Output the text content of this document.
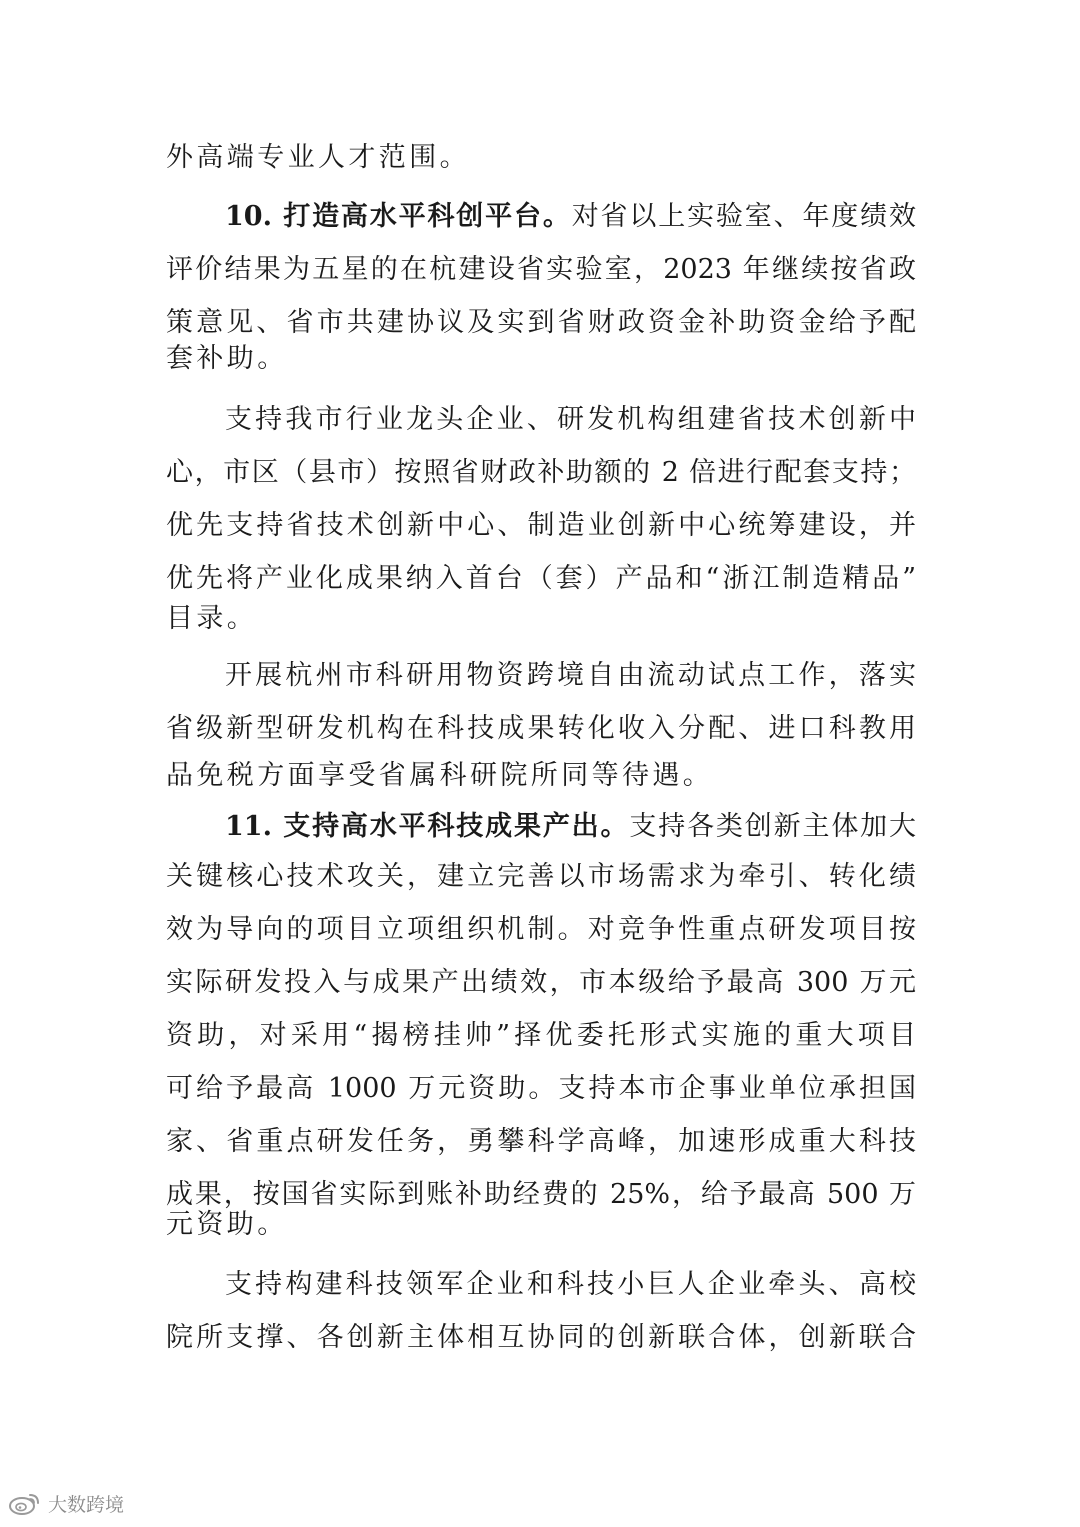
外高端专业人才范围。
10. 打造高水平科创平台。对省以上实验室、年度绩效
评价结果为五星的在杭建设省实验室，2023 年继续按省政
策意见、省市共建协议及实到省财政资金补助资金给予配
套补助。
支持我市行业龙头企业、研发机构组建省技术创新中
心，市区（县市）按照省财政补助额的 2 倍进行配套支持；
优先支持省技术创新中心、制造业创新中心统筹建设，并
优先将产业化成果纳入首台（套）产品和“浙江制造精品”
目录。
开展杭州市科研用物资跨境自由流动试点工作，落实
省级新型研发机构在科技成果转化收入分配、进口科教用
品免税方面享受省属科研院所同等待遇。
11. 支持高水平科技成果产出。支持各类创新主体加大
关键核心技术攻关，建立完善以市场需求为牵引、转化绩
效为导向的项目立项组织机制。对竞争性重点研发项目按
实际研发投入与成果产出绩效，市本级给予最高 300 万元
资助，对采用“揭榜挂帅”择优委托形式实施的重大项目
可给予最高 1000 万元资助。支持本市企事业单位承担国
家、省重点研发任务，勇攀科学高峰，加速形成重大科技
成果，按国省实际到账补助经费的 25%，给予最高 500 万
元资助。
支持构建科技领军企业和科技小巨人企业牵头、高校
院所支撑、各创新主体相互协同的创新联合体，创新联合
大数跨境
